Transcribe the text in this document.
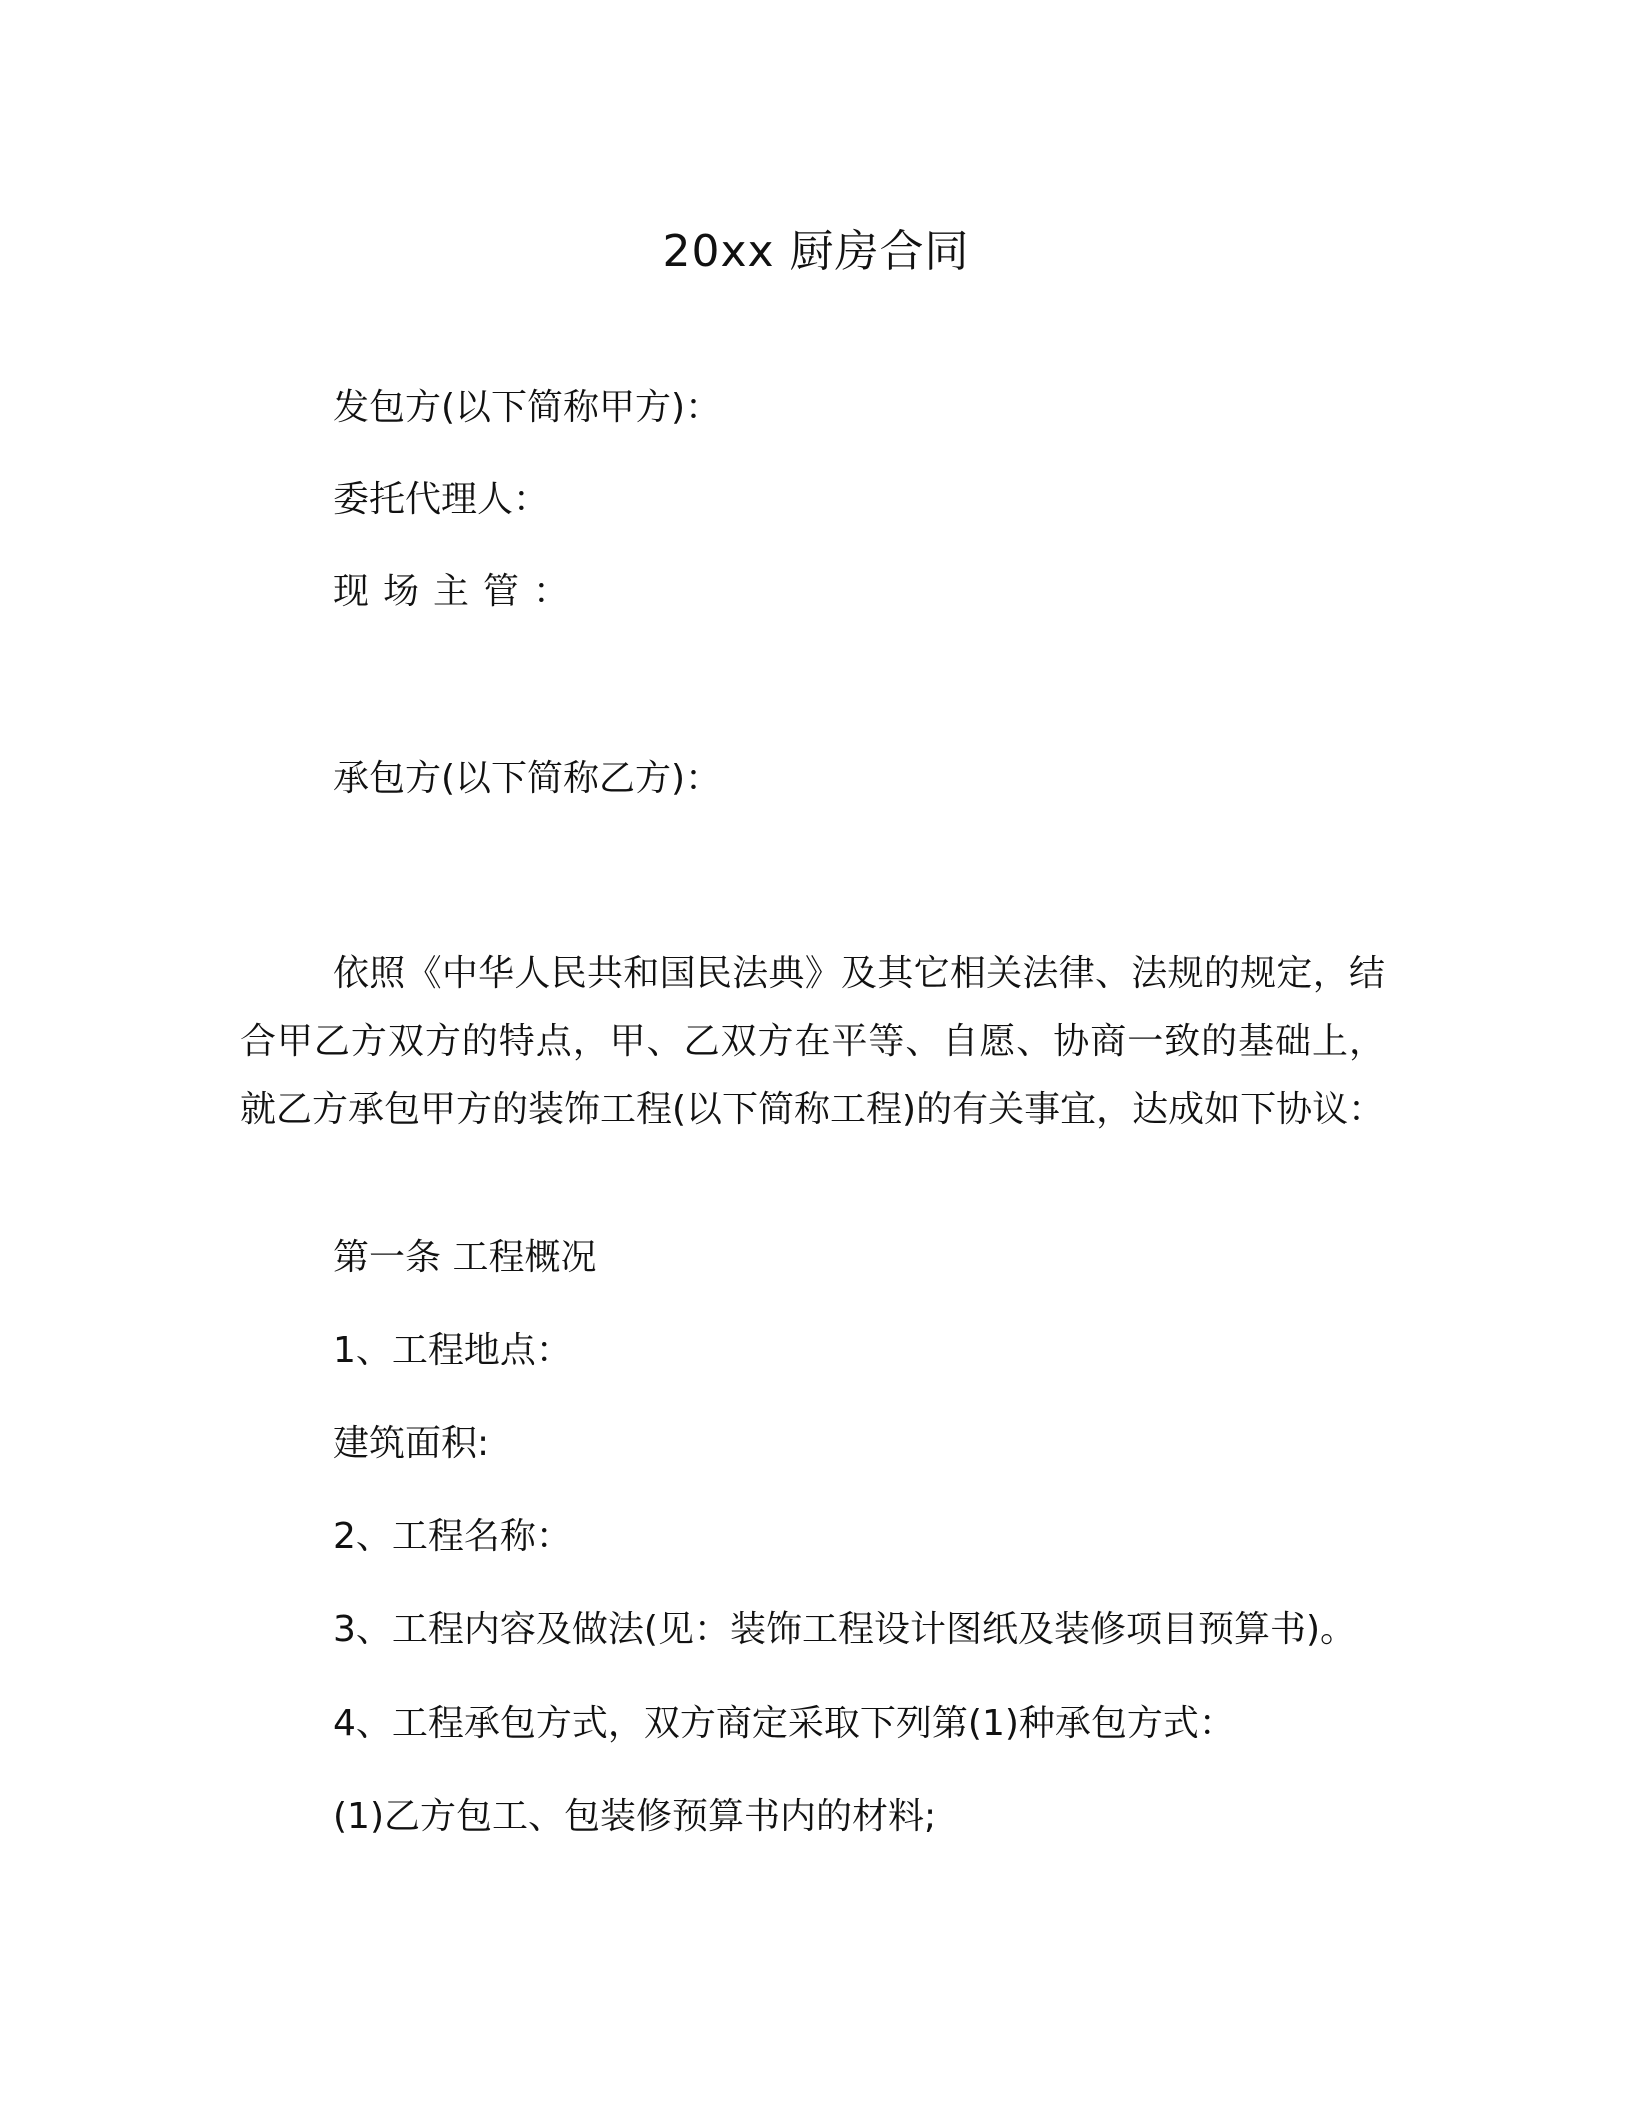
20xx 厨房合同
发包方(以下简称甲方)：
委托代理人：
现场主管：
承包方(以下简称乙方)：
依照《中华人民共和国民法典》及其它相关法律、法规的规定，结合甲乙方双方的特点，甲、乙双方在平等、自愿、协商一致的基础上，就乙方承包甲方的装饰工程(以下简称工程)的有关事宜，达成如下协议：
第一条 工程概况
1、工程地点：
建筑面积:
2、工程名称：
3、工程内容及做法(见：装饰工程设计图纸及装修项目预算书)。
4、工程承包方式，双方商定采取下列第(1)种承包方式：
(1)乙方包工、包装修预算书内的材料;
